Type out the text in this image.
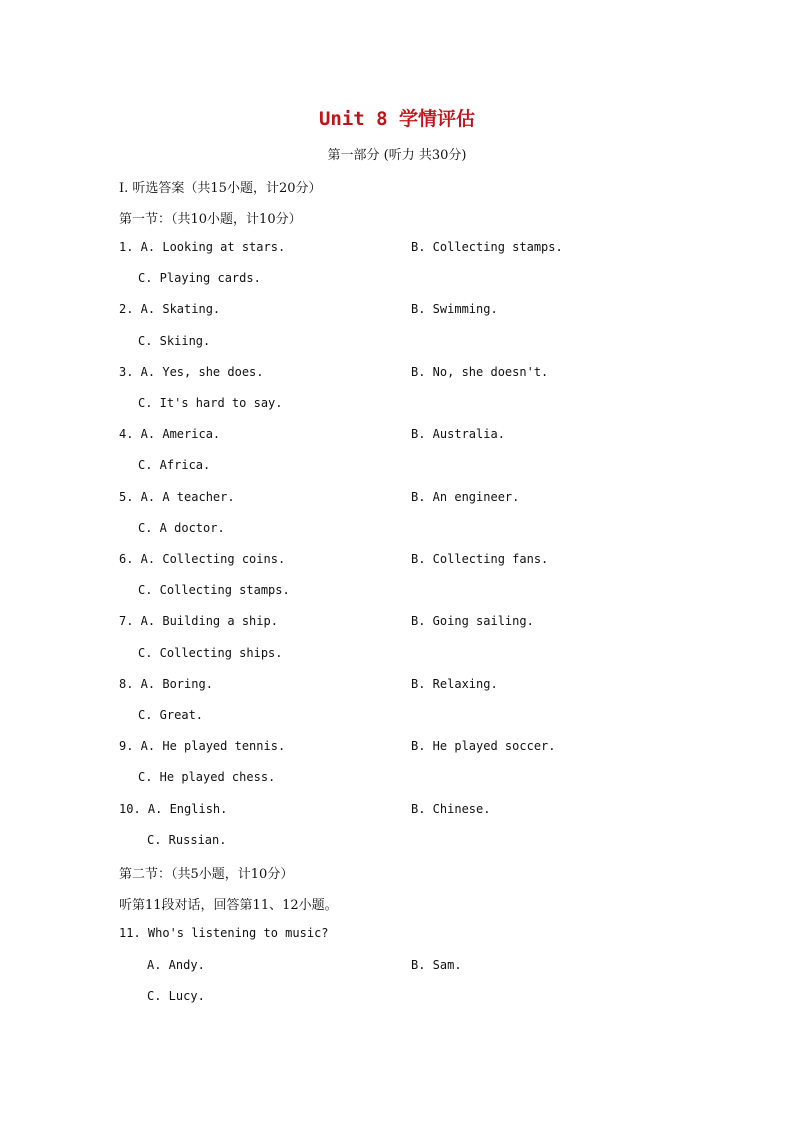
Unit 8 学情评估
第一部分 (听力 共30分)
Ⅰ. 听选答案（共15小题，计20分）
第一节：（共10小题，计10分）
1. A. Looking at stars.	B. Collecting stamps.
C. Playing cards.
2. A. Skating.	B. Swimming.
C. Skiing.
3. A. Yes, she does.	B. No, she doesn't.
C. It's hard to say.
4. A. America.	B. Australia.
C. Africa.
5. A. A teacher.	B. An engineer.
C. A doctor.
6. A. Collecting coins.	B. Collecting fans.
C. Collecting stamps.
7. A. Building a ship.	B. Going sailing.
C. Collecting ships.
8. A. Boring.	B. Relaxing.
C. Great.
9. A. He played tennis.	B. He played soccer.
C. He played chess.
10. A. English.	B. Chinese.
C. Russian.
第二节：（共5小题，计10分）
听第11段对话，回答第11、12小题。
11. Who's listening to music?
A. Andy.	B. Sam.
C. Lucy.
